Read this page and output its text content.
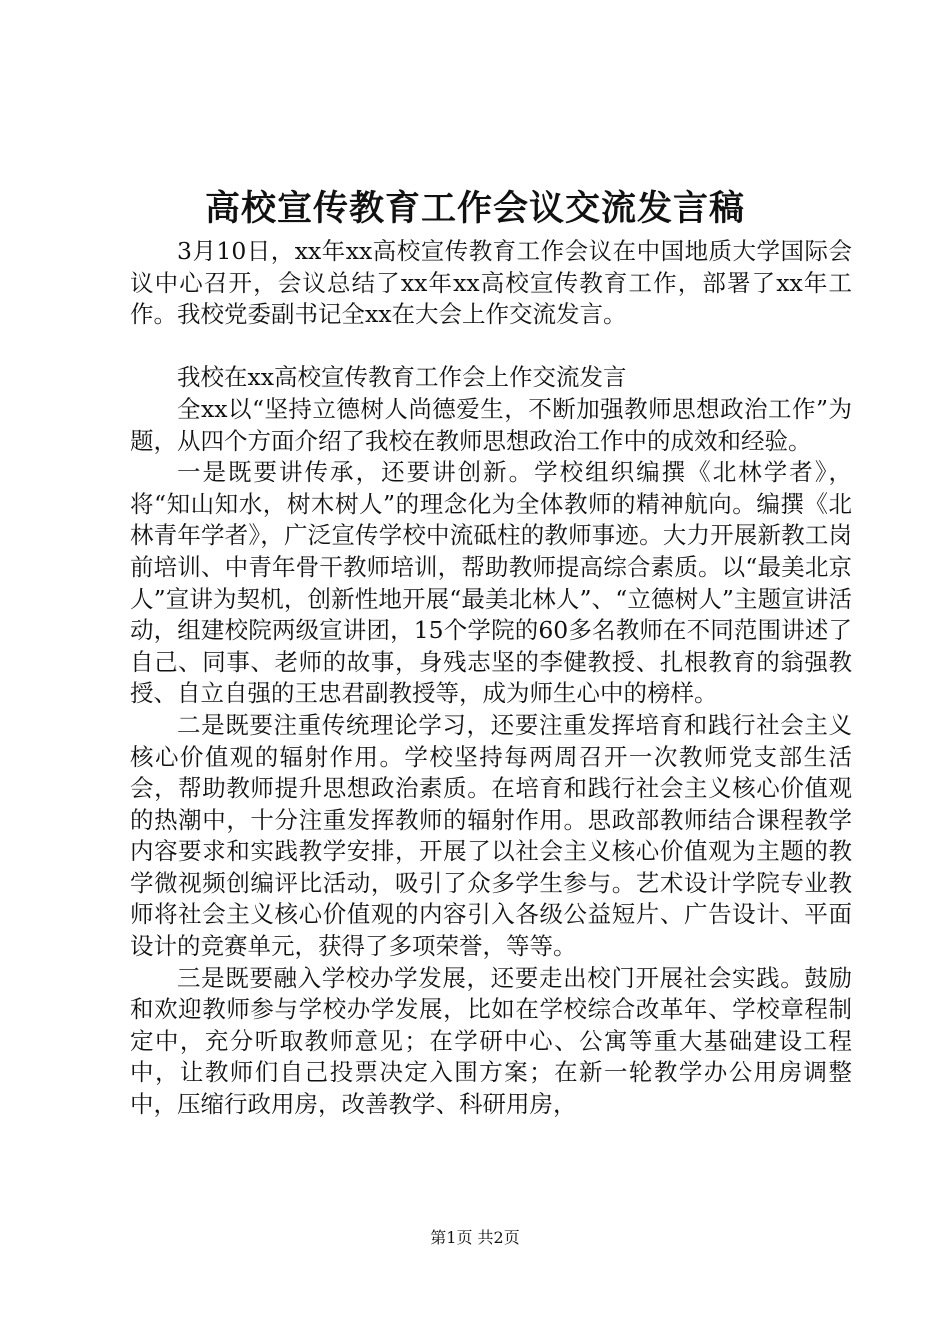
高校宣传教育工作会议交流发言稿

3月10日，xx年xx高校宣传教育工作会议在中国地质大学国际会议中心召开，会议总结了xx年xx高校宣传教育工作，部署了xx年工作。我校党委副书记全xx在大会上作交流发言。

我校在xx高校宣传教育工作会上作交流发言

全xx以“坚持立德树人尚德爱生，不断加强教师思想政治工作”为题，从四个方面介绍了我校在教师思想政治工作中的成效和经验。

一是既要讲传承，还要讲创新。学校组织编撰《北林学者》，将“知山知水，树木树人”的理念化为全体教师的精神航向。编撰《北林青年学者》，广泛宣传学校中流砥柱的教师事迹。大力开展新教工岗前培训、中青年骨干教师培训，帮助教师提高综合素质。以“最美北京人”宣讲为契机，创新性地开展“最美北林人”、“立德树人”主题宣讲活动，组建校院两级宣讲团，15个学院的60多名教师在不同范围讲述了自己、同事、老师的故事，身残志坚的李健教授、扎根教育的翁强教授、自立自强的王忠君副教授等，成为师生心中的榜样。

二是既要注重传统理论学习，还要注重发挥培育和践行社会主义核心价值观的辐射作用。学校坚持每两周召开一次教师党支部生活会，帮助教师提升思想政治素质。在培育和践行社会主义核心价值观的热潮中，十分注重发挥教师的辐射作用。思政部教师结合课程教学内容要求和实践教学安排，开展了以社会主义核心价值观为主题的教学微视频创编评比活动，吸引了众多学生参与。艺术设计学院专业教师将社会主义核心价值观的内容引入各级公益短片、广告设计、平面设计的竞赛单元，获得了多项荣誉，等等。

三是既要融入学校办学发展，还要走出校门开展社会实践。鼓励和欢迎教师参与学校办学发展，比如在学校综合改革年、学校章程制定中，充分听取教师意见；在学研中心、公寓等重大基础建设工程中，让教师们自己投票决定入围方案；在新一轮教学办公用房调整中，压缩行政用房，改善教学、科研用房，

第1页 共2页
